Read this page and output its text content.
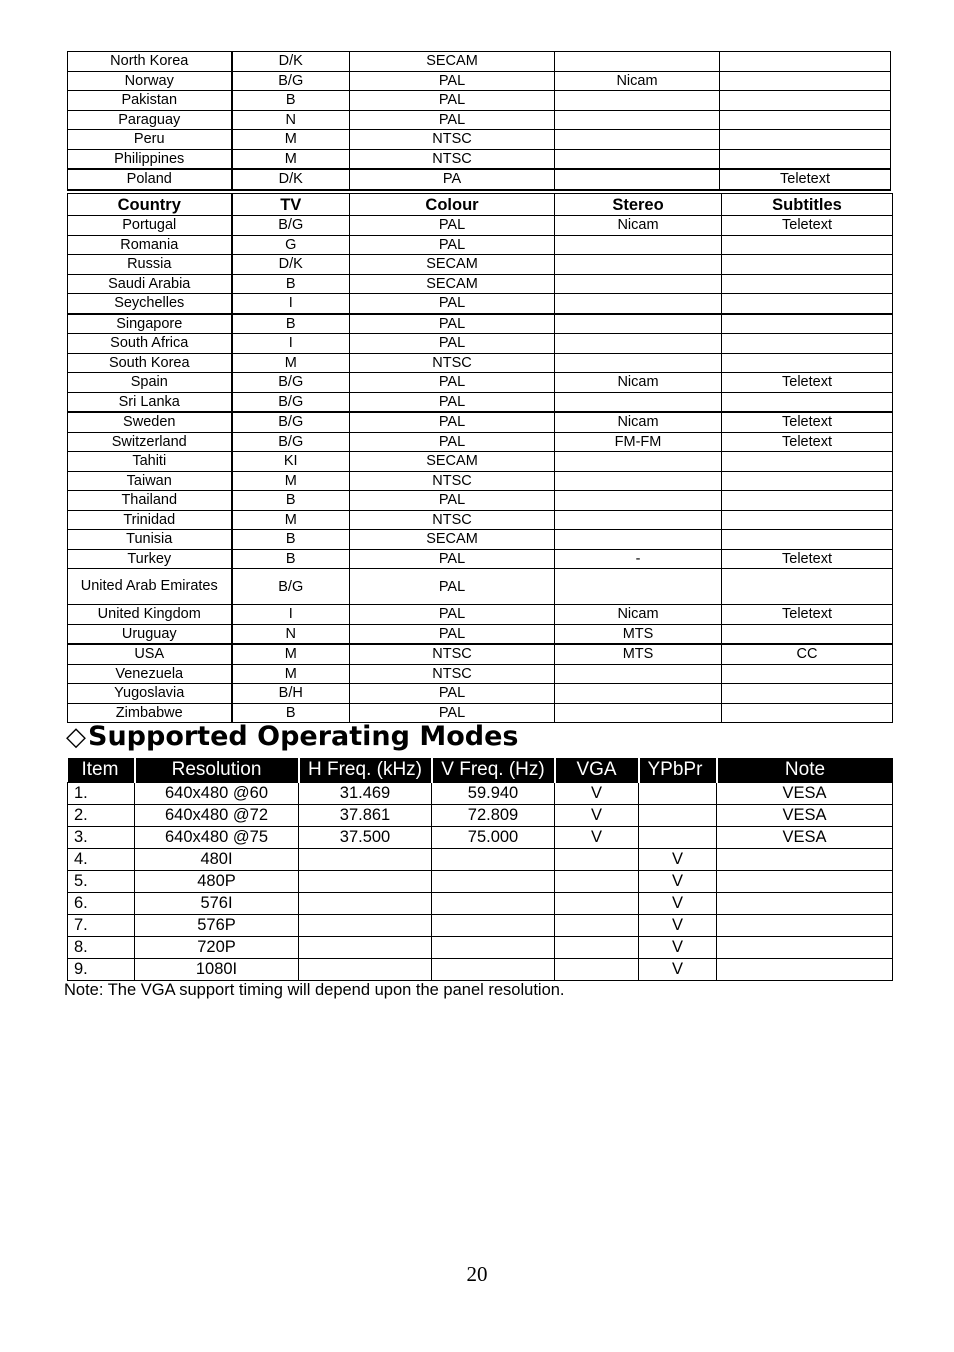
North Korea	D/K	SECAM		
Norway	B/G	PAL	Nicam	
Pakistan	B	PAL		
Paraguay	N	PAL		
Peru	M	NTSC		
Philippines	M	NTSC		
Poland	D/K	PA		Teletext
Country	TV	Colour	Stereo	Subtitles
Portugal	B/G	PAL	Nicam	Teletext
Romania	G	PAL		
Russia	D/K	SECAM		
Saudi Arabia	B	SECAM		
Seychelles	I	PAL		
Singapore	B	PAL		
South Africa	I	PAL		
South Korea	M	NTSC		
Spain	B/G	PAL	Nicam	Teletext
Sri Lanka	B/G	PAL		
Sweden	B/G	PAL	Nicam	Teletext
Switzerland	B/G	PAL	FM-FM	Teletext
Tahiti	KI	SECAM		
Taiwan	M	NTSC		
Thailand	B	PAL		
Trinidad	M	NTSC		
Tunisia	B	SECAM		
Turkey	B	PAL	-	Teletext
United Arab Emirates	B/G	PAL		
United Kingdom	I	PAL	Nicam	Teletext
Uruguay	N	PAL	MTS	
USA	M	NTSC	MTS	CC
Venezuela	M	NTSC		
Yugoslavia	B/H	PAL		
Zimbabwe	B	PAL		
◇Supported Operating Modes
Item	Resolution	H Freq. (kHz)	V Freq. (Hz)	VGA	YPbPr	Note
1.	640x480 @60	31.469	59.940	V		VESA
2.	640x480 @72	37.861	72.809	V		VESA
3.	640x480 @75	37.500	75.000	V		VESA
4.	480I				V	
5.	480P				V	
6.	576I				V	
7.	576P				V	
8.	720P				V	
9.	1080I				V	

Note: The VGA support timing will depend upon the panel resolution.

20
